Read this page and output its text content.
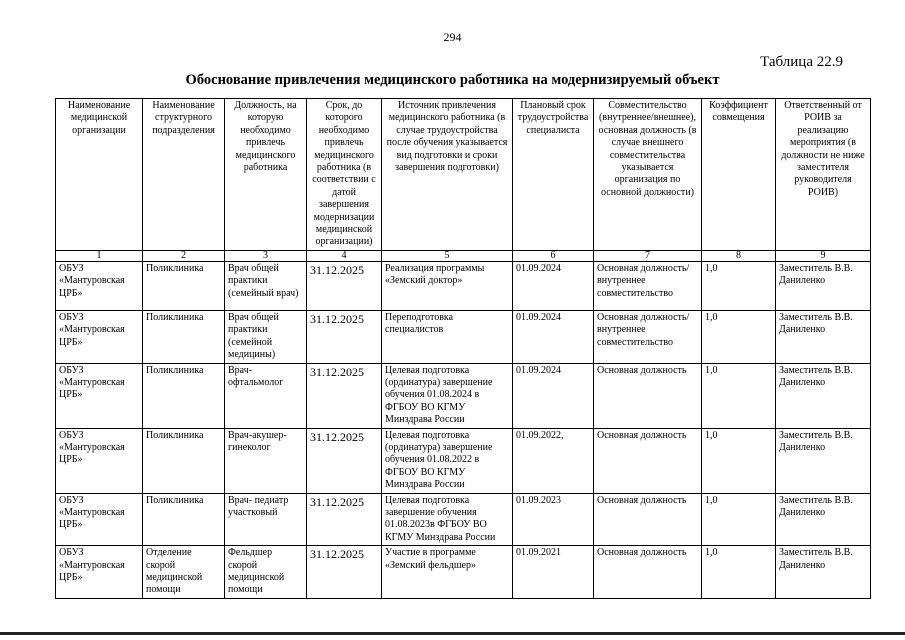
294
Таблица 22.9
Обоснование привлечения медицинского работника на модернизируемый объект
Наименование медицинской организации	Наименование структурного подразделения	Должность, на которую необходимо привлечь медицинского работника	Срок, до которого необходимо привлечь медицинского работника (в соответствии с датой завершения модернизации медицинской организации)	Источник привлечения медицинского работника (в случае трудоустройства после обучения указывается вид подготовки и сроки завершения подготовки)	Плановый срок трудоустройства специалиста	Совместительство (внутреннее/внешнее), основная должность (в случае внешнего совместительства указывается организация по основной должности)	Коэффициент совмещения	Ответственный от РОИВ за реализацию мероприятия (в должности не ниже заместителя руководителя РОИВ)
1	2	3	4	5	6	7	8	9
ОБУЗ «Мантуровская ЦРБ»	Поликлиника	Врач общей практики (семейный врач)	31.12.2025	Реализация программы «Земский доктор»	01.09.2024	Основная должность/внутреннее совместительство	1,0	Заместитель В.В. Даниленко
ОБУЗ «Мантуровская ЦРБ»	Поликлиника	Врач общей практики (семейной медицины)	31.12.2025	Переподготовка специалистов	01.09.2024	Основная должность/внутреннее совместительство	1,0	Заместитель В.В. Даниленко
ОБУЗ «Мантуровская ЦРБ»	Поликлиника	Врач-офтальмолог	31.12.2025	Целевая подготовка (ординатура) завершение обучения 01.08.2024 в ФГБОУ ВО КГМУ Минздрава России	01.09.2024	Основная должность	1,0	Заместитель В.В. Даниленко
ОБУЗ «Мантуровская ЦРБ»	Поликлиника	Врач-акушер-гинеколог	31.12.2025	Целевая подготовка (ординатура) завершение обучения 01.08.2022 в ФГБОУ ВО КГМУ Минздрава России	01.09.2022,	Основная должность	1,0	Заместитель В.В. Даниленко
ОБУЗ «Мантуровская ЦРБ»	Поликлиника	Врач- педиатр участковый	31.12.2025	Целевая подготовка завершение обучения 01.08.2023в ФГБОУ ВО КГМУ Минздрава России	01.09.2023	Основная должность	1,0	Заместитель В.В. Даниленко
ОБУЗ «Мантуровская ЦРБ»	Отделение скорой медицинской помощи	Фельдшер скорой медицинской помощи	31.12.2025	Участие в программе «Земский фельдшер»	01.09.2021	Основная должность	1,0	Заместитель В.В. Даниленко
